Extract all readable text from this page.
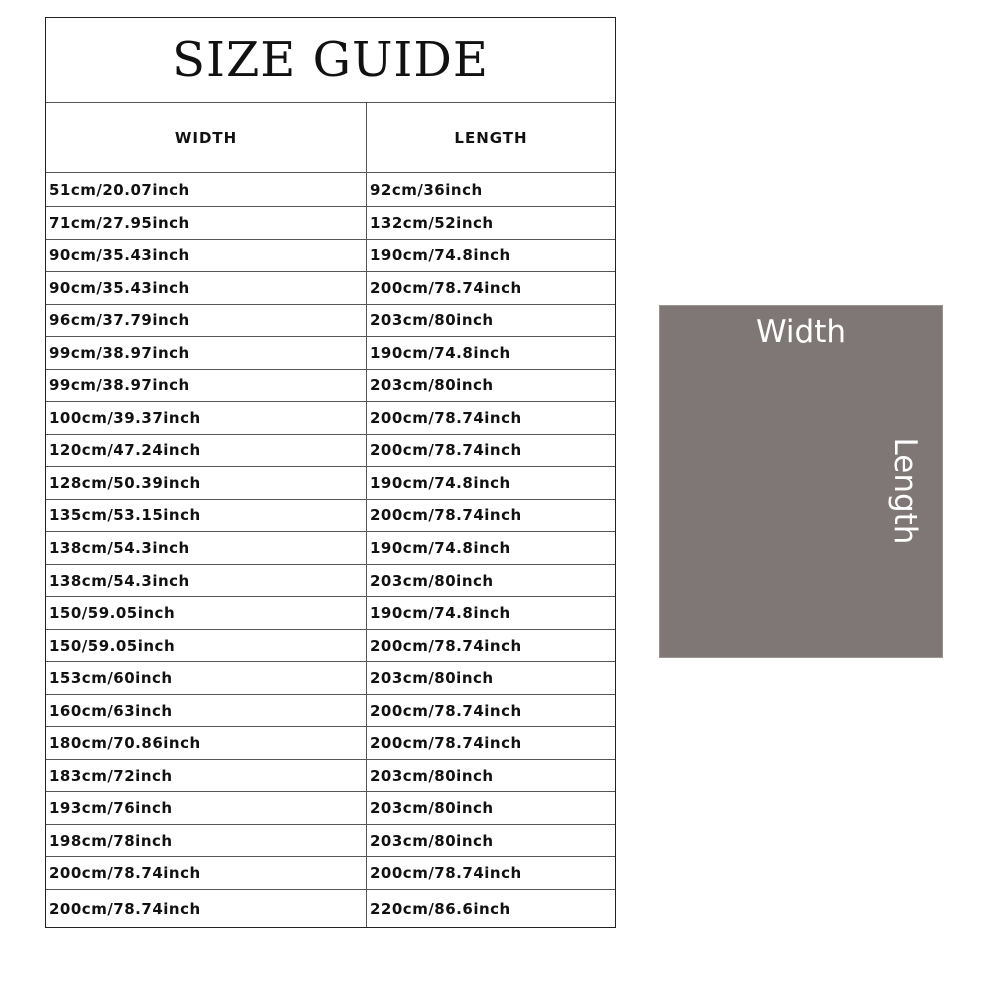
SIZE GUIDE
WIDTH	LENGTH
51cm/20.07inch	92cm/36inch
71cm/27.95inch	132cm/52inch
90cm/35.43inch	190cm/74.8inch
90cm/35.43inch	200cm/78.74inch
96cm/37.79inch	203cm/80inch
99cm/38.97inch	190cm/74.8inch
99cm/38.97inch	203cm/80inch
100cm/39.37inch	200cm/78.74inch
120cm/47.24inch	200cm/78.74inch
128cm/50.39inch	190cm/74.8inch
135cm/53.15inch	200cm/78.74inch
138cm/54.3inch	190cm/74.8inch
138cm/54.3inch	203cm/80inch
150/59.05inch	190cm/74.8inch
150/59.05inch	200cm/78.74inch
153cm/60inch	203cm/80inch
160cm/63inch	200cm/78.74inch
180cm/70.86inch	200cm/78.74inch
183cm/72inch	203cm/80inch
193cm/76inch	203cm/80inch
198cm/78inch	203cm/80inch
200cm/78.74inch	200cm/78.74inch
200cm/78.74inch	220cm/86.6inch
Width
Length
